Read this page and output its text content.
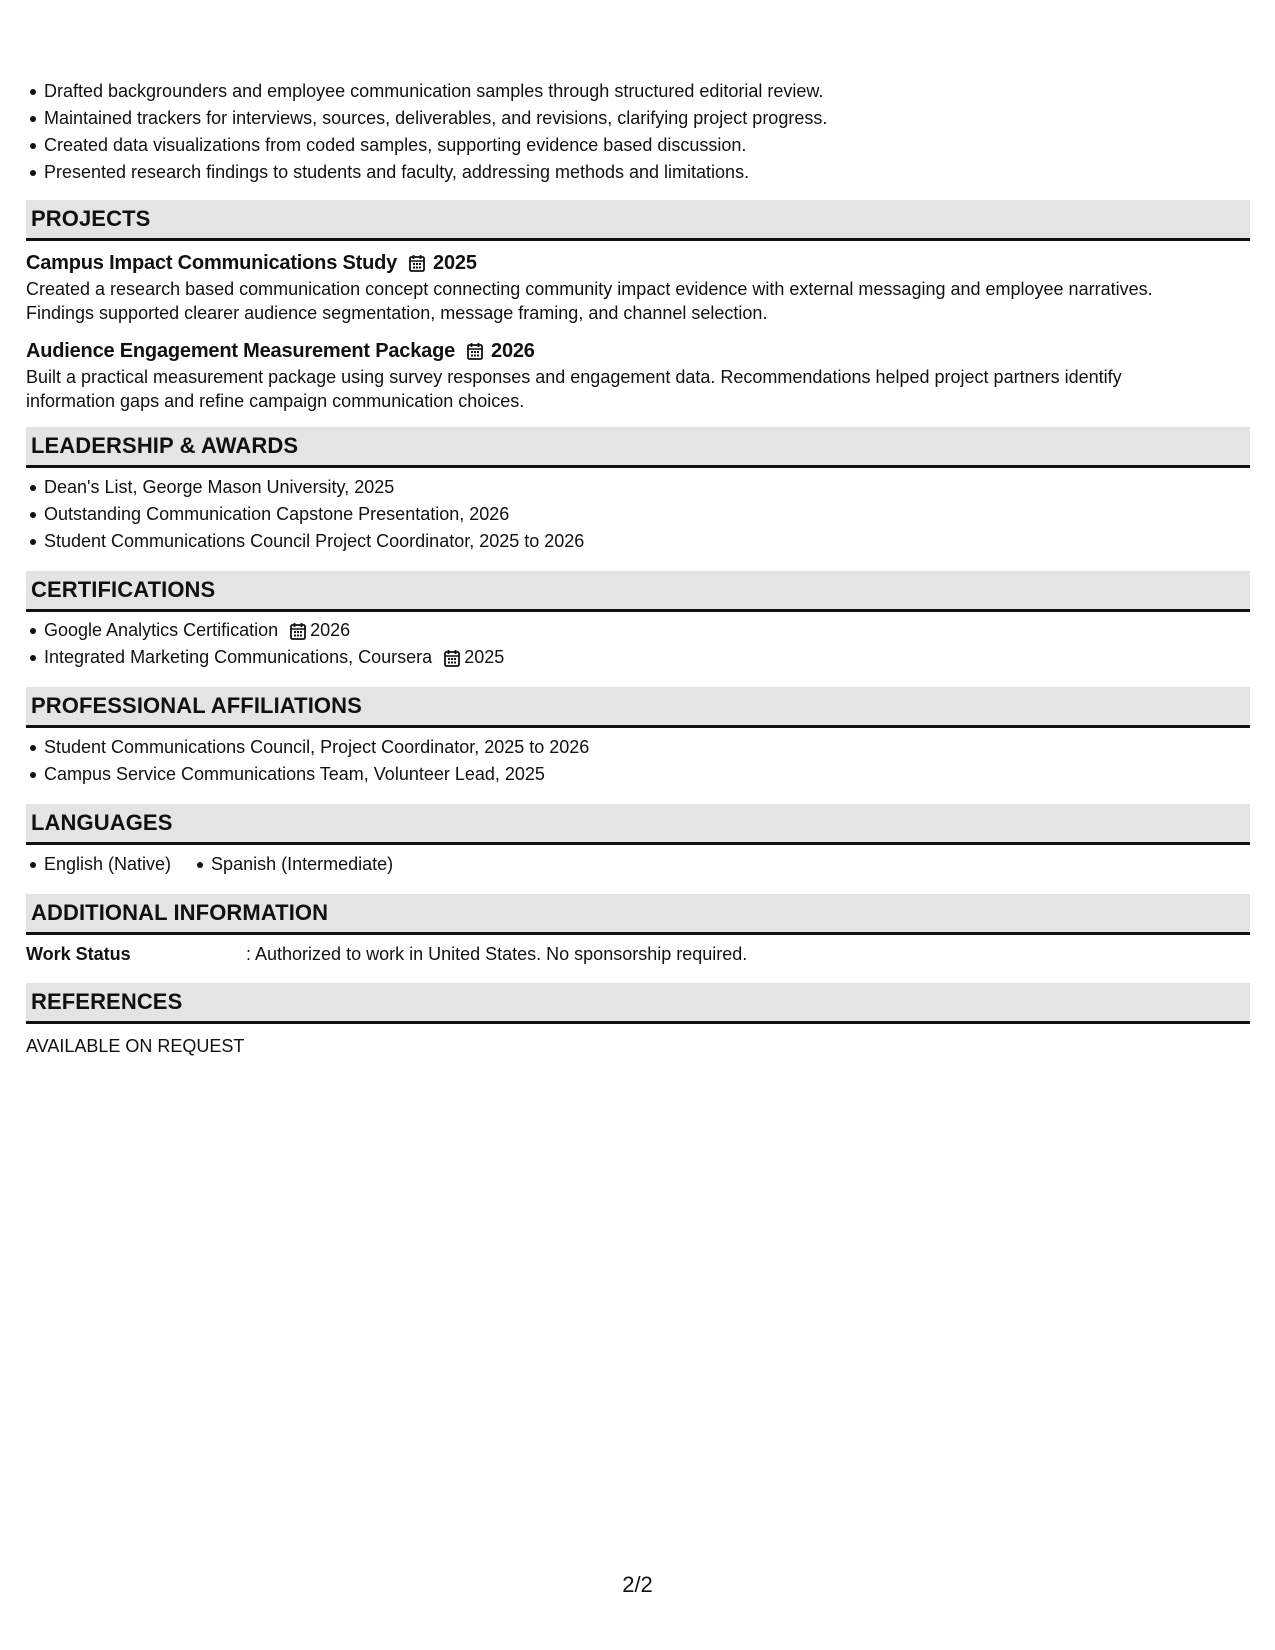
Drafted backgrounders and employee communication samples through structured editorial review.
Maintained trackers for interviews, sources, deliverables, and revisions, clarifying project progress.
Created data visualizations from coded samples, supporting evidence based discussion.
Presented research findings to students and faculty, addressing methods and limitations.
PROJECTS
Campus Impact Communications Study 2025
Created a research based communication concept connecting community impact evidence with external messaging and employee narratives.
Findings supported clearer audience segmentation, message framing, and channel selection.
Audience Engagement Measurement Package 2026
Built a practical measurement package using survey responses and engagement data. Recommendations helped project partners identify
information gaps and refine campaign communication choices.
LEADERSHIP & AWARDS
Dean's List, George Mason University, 2025
Outstanding Communication Capstone Presentation, 2026
Student Communications Council Project Coordinator, 2025 to 2026
CERTIFICATIONS
Google Analytics Certification 2026
Integrated Marketing Communications, Coursera 2025
PROFESSIONAL AFFILIATIONS
Student Communications Council, Project Coordinator, 2025 to 2026
Campus Service Communications Team, Volunteer Lead, 2025
LANGUAGES
English (Native)	Spanish (Intermediate)
ADDITIONAL INFORMATION
Work Status	: Authorized to work in United States. No sponsorship required.
REFERENCES
AVAILABLE ON REQUEST
2/2
